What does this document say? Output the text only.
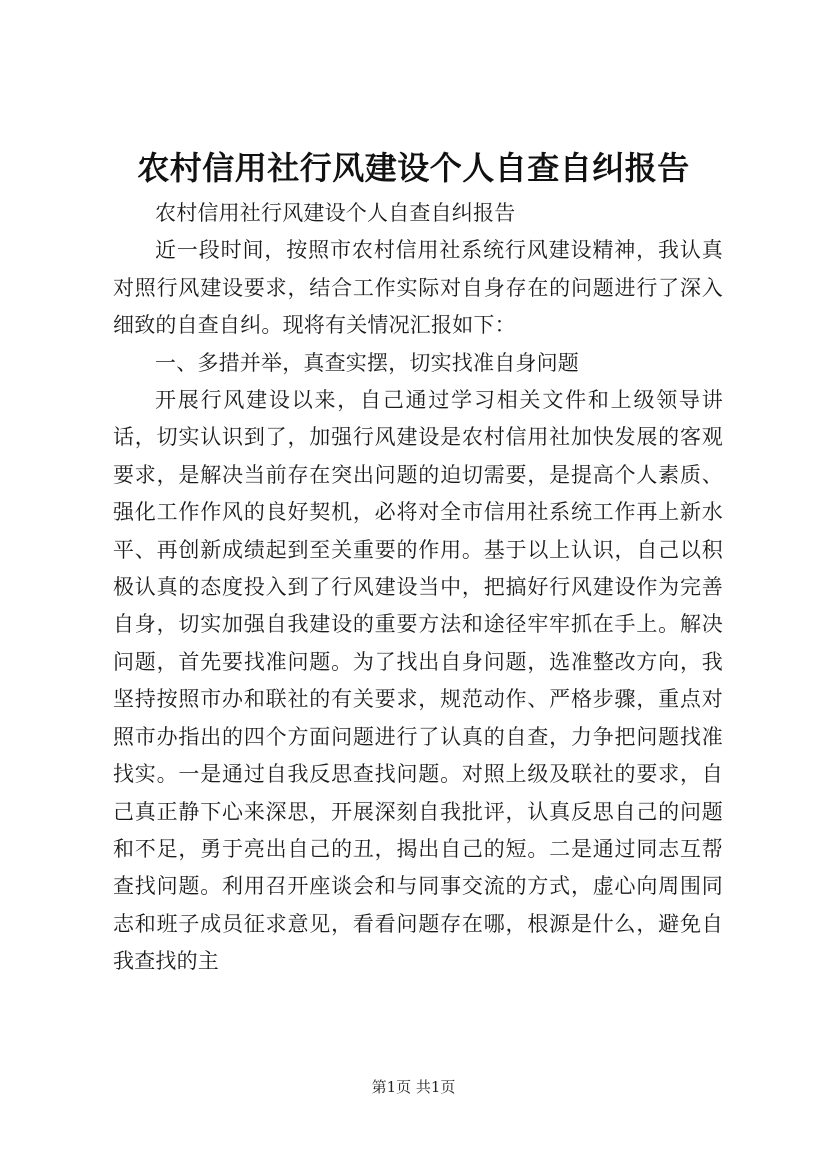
农村信用社行风建设个人自查自纠报告

农村信用社行风建设个人自查自纠报告

近一段时间，按照市农村信用社系统行风建设精神，我认真对照行风建设要求，结合工作实际对自身存在的问题进行了深入细致的自查自纠。现将有关情况汇报如下：

一、多措并举，真查实摆，切实找准自身问题

开展行风建设以来，自己通过学习相关文件和上级领导讲话，切实认识到了，加强行风建设是农村信用社加快发展的客观要求，是解决当前存在突出问题的迫切需要，是提高个人素质、强化工作作风的良好契机，必将对全市信用社系统工作再上新水平、再创新成绩起到至关重要的作用。基于以上认识，自己以积极认真的态度投入到了行风建设当中，把搞好行风建设作为完善自身，切实加强自我建设的重要方法和途径牢牢抓在手上。解决问题，首先要找准问题。为了找出自身问题，选准整改方向，我坚持按照市办和联社的有关要求，规范动作、严格步骤，重点对照市办指出的四个方面问题进行了认真的自查，力争把问题找准找实。一是通过自我反思查找问题。对照上级及联社的要求，自己真正静下心来深思，开展深刻自我批评，认真反思自己的问题和不足，勇于亮出自己的丑，揭出自己的短。二是通过同志互帮查找问题。利用召开座谈会和与同事交流的方式，虚心向周围同志和班子成员征求意见，看看问题存在哪，根源是什么，避免自我查找的主

第1页 共1页
